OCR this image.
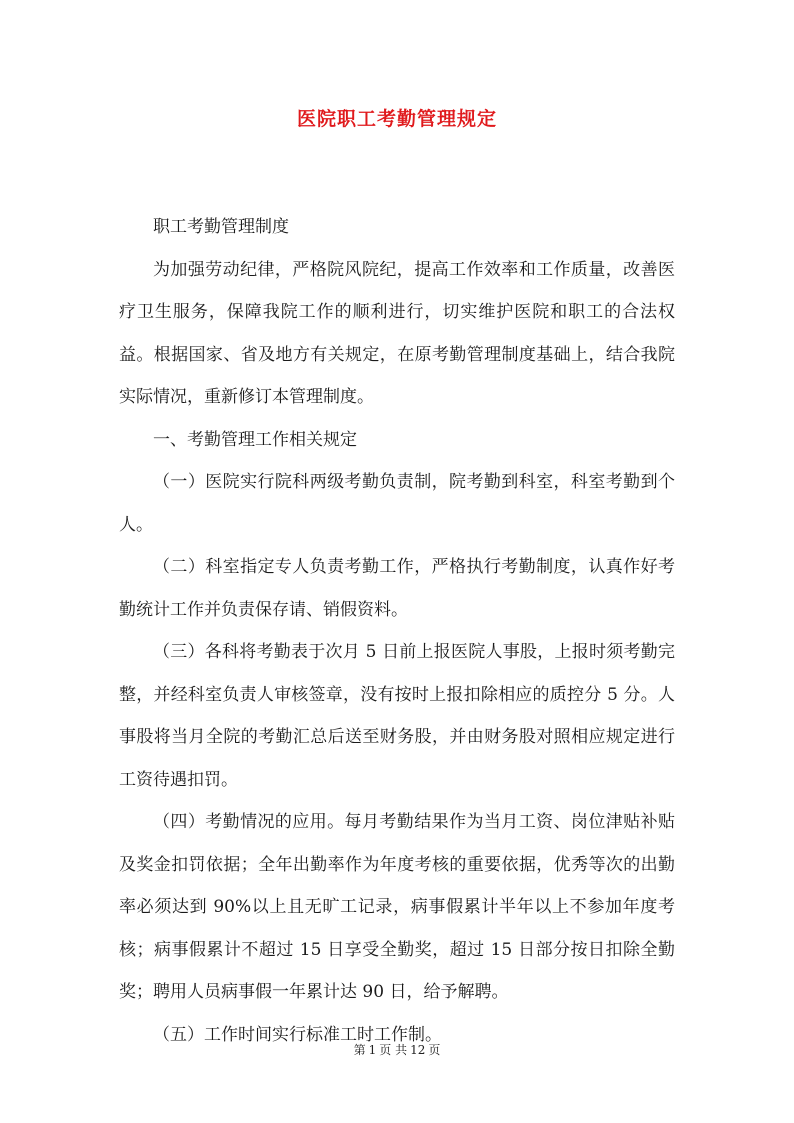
医院职工考勤管理规定

职工考勤管理制度

为加强劳动纪律，严格院风院纪，提高工作效率和工作质量，改善医疗卫生服务，保障我院工作的顺利进行，切实维护医院和职工的合法权益。根据国家、省及地方有关规定，在原考勤管理制度基础上，结合我院实际情况，重新修订本管理制度。

一、考勤管理工作相关规定

（一）医院实行院科两级考勤负责制，院考勤到科室，科室考勤到个人。

（二）科室指定专人负责考勤工作，严格执行考勤制度，认真作好考勤统计工作并负责保存请、销假资料。

（三）各科将考勤表于次月 5 日前上报医院人事股，上报时须考勤完整，并经科室负责人审核签章，没有按时上报扣除相应的质控分 5 分。人事股将当月全院的考勤汇总后送至财务股，并由财务股对照相应规定进行工资待遇扣罚。

（四）考勤情况的应用。每月考勤结果作为当月工资、岗位津贴补贴及奖金扣罚依据；全年出勤率作为年度考核的重要依据，优秀等次的出勤率必须达到 90%以上且无旷工记录，病事假累计半年以上不参加年度考核；病事假累计不超过 15 日享受全勤奖，超过 15 日部分按日扣除全勤奖；聘用人员病事假一年累计达 90 日，给予解聘。

（五）工作时间实行标准工时工作制。

第 1 页 共 12 页
